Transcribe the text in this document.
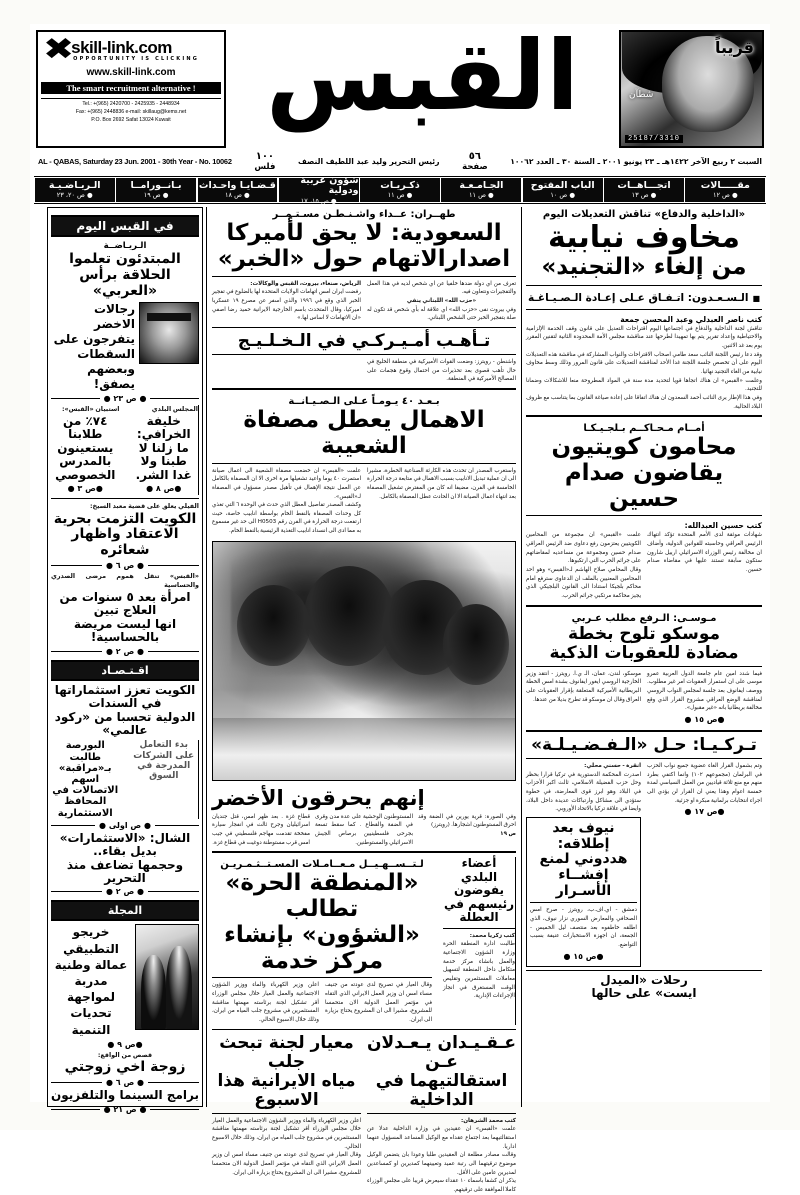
قريباً
شطآن
25187/3310
القبس
✖
skill-link.com
OPPORTUNITY IS CLICKING
www.skill-link.com
The smart recruitment alternative !
Tel.: +(965) 2420700 - 2425935 - 2448934
Fax: +(965) 2448836 e-mail: skillaug@kems.net
P.O. Box 2692 Safat 13024 Kuwait
السبت ٢ ربيع الآخر ١٤٢٢هـ ـ ٢٣ يونيو ٢٠٠١ ـ السنة ٣٠ ـ العدد ١٠٠٦٢
٥٦
صفحة
رئيس التحرير وليد عبد اللطيف النصف
١٠٠
فلس
AL - QABAS, Saturday 23 Jun. 2001 - 30th Year - No. 10062
مقـــــالات
● ص ١٢
اتجـــاهــات
● ص ١٣
الباب المفتوح
● ص ١٠
الجـامـعـة
● ص ١١
ذكـريـات
● ص ١١
شؤون عربية ودولية
● ص ١٥، ١٧
قـضـايـا واحـداث
● ص ١٨
بـانــورامــا
● ص ١٩
الـريـاضـيـة
● ص ٢٠، ٢٣
«الداخلية والدفاع» تناقش التعديلات اليوم
مخاوف نيابية
من إلغاء «التجنيد»
■ الـسـعـدون: اتـفـاق عـلى إعـادة الـصـيـاغـة
كتب ناصر العبدلي وعبد المحسن جمعة
تناقش لجنة الداخلية والدفاع في اجتماعها اليوم اقتراحات التعديل على قانون وقف الخدمة الإلزامية والاحتياطية وإعداد تقرير يتم بها تمهيدا لطرحها عند مناقشة مجلس الأمة المحدودة الثانية لتقنين المقرر يوم بعد غد الاثنين.
وقد دعا رئيس اللجنة النائب سعد طامي اصحاب الاقتراحات والنواب المشاركة في مناقشة هذه التعديلات اليوم على أن تخصص جلسة اللجنة غدا الأحد لمناقشة التعديلات على قانون المرور وذلك وسط مخاوف نيابية من الغاء التجنيد نهائيا.
وعلمت «القبس» ان هناك اتجاها قويا لتحديد مدة سنة في المواد المطروحة منعا للاشكالات وضمانا للتجنيد.
وفي هذا الإطار يرى النائب أحمد السعدون ان هناك اتفاقا على إعادة صياغة القانون بما يتناسب مع ظروف البلاد الحالية.
أمــام مـحـاكــم بـلجـيـكـا
محامون كويتيون
يقاضون صدام حسين
كتب حسين العبدالله:
شهادات موثقة لدى الأمم المتحدة تؤكد انتهاك الرئيس العراقي وحاسبته للقوانين الدولية، وأضاف ان مخالفة رئيس الوزراء الاسرائيلي ارييل شارون ستكون سابقة تستند عليها في مقاضاة صدام حسين.
علمت «القبس» ان مجموعة من المحامين الكويتيين يعتزمون رفع دعاوى ضد الرئيس العراقي صدام حسين ومجموعة من مساعديه لمقاضاتهم على جرائم الحرب التي ارتكبوها.
وقال المحامي صلاح الهاشم لـ«القبس» وهو احد المحامين المعنيين بالملف ان الدعاوى سترفع امام محاكم بلجيكا استنادا الى القانون البلجيكي الذي يجيز محاكمة مرتكبي جرائم الحرب.
مـوسـى: الـرفع مطلب عـربي
موسكو تلوح بخطة
مضادة للعقوبات الذكية
فيما شدد امين عام جامعة الدول العربية عمرو موسى على ان استمرار العقوبات امر غير مطلوب. ووصف ايفانوف بعد جلسة لمجلس النواب الروسي لمناقشة الوضع العراقي مشروع القرار الذي وقع مخالفة بريطانيا بانه «غير مقبول».
● ص ١٥ ●
موسكو، لندن، عمان، الـ ي.ا. رويترز - انتقد وزير الخارجية الروسي ايغور ايفانوف بشدة امس الخطة البريطانية الأميركية المتعلقة بإقرار العقوبات على العراق وقال ان موسكو قد تطرح بديلا من عندها.
تـركـيـا: حـل «الـفـضـيـلـة»
وتم بشمول القرار الغاء عضوية جميع نواب الحزب في البرلمان (مجموعهم ١٠٢) وانما اكتفي بطرد منهم مع منع ثلاثة قياديين من العمل السياسي لمدة خمسة اعوام وهذا يعني ان القرار لن يؤدي الى اجراء انتخابات برلمانية مبكرة او جزئية.
● ص ١٧ ●
انقرة - حسني محلي:
اصدرت المحكمة الدستورية في تركيا قرارا بحظر وحل حزب الفضيلة الاسلامي، ثالث اكبر الأحزاب في البلاد وهو ابرز قوى المعارضة، في خطوة ستؤدي الى مشاكل وارتباكات عديدة داخل البلاد، وايضا في علاقة تركيا بالاتحاد الأوروبي.
نيوف بعد إطلاقه:
هددوني لمنع
إفشــاء الأسـرار
دمشق - اي.اف.ب، رويترز - صرح امس الصحافي والمعارض السوري نزار نيوف، الذي اطلقه خاطفوه بعد منتصف ليل الخميس - الجمعة، ان اجهزة الاستخبارات عنيفة بسبب التواضع.
● ص ١٥ ●
رحلات «الميدل
ايست» على حالها
طهــران: عــداء واشـنـطـن مسـتـمــر
السعودية: لا يحق لأميركا
اصدارالاتهام حول «الخبر»
تعرف من اي دولة ضدها خلفيا عن اي شخص لديه في هذا العمل والتفجيرات ونتعاون فيه.
«حزب الله» اللبناني ينفي
وفي بيروت نفى «حزب الله» اي علاقة له بأي شخص قد تكون له صلة بتفجير الخبر حتى الشخص اللبناني.
الرياض، صنعاء، بيروت، القبس والوكالات:
رفضت ايران امس اتهامات الولايات المتحدة لها بالضلوع في تفجير الخبر الذي وقع في ١٩٩٦ والذي اسفر عن مصرع ١٩ عسكريا اميركيا، وقال المتحدث باسم الخارجية الايرانية حميد رضا اصفي «ان الاتهامات لا اساس لها.»
تـأهـب أمـيـركـي في الـخـلـيـج
واشنطن - رويترز: وضعت القوات الأميركية في منطقة الخليج في حال تأهب قصوى بعد تحذيرات من احتمال وقوع هجمات على المصالح الأميركية في المنطقة.
بـعـد ٤٠ يـومـاً عـلى الـصـيـانــة
الاهمال يعطل مصفاة الشعيبة
واستغرب المصدر ان تحدث هذه الكارثة الصناعية الخطرة، مشيرا الى ان عملية تبديل الانابيب بسبب الاهمال في متابعة درجة الحرارة الخامسة في الفرن، مضيفا انه كان من المفترض تشغيل المصفاة بعد انتهاء اعمال الصيانة الا ان الحادث عطل المصفاة بالكامل.
علمت «القبس» ان خضعت مصفاة الشعيبة الى اعمال صيانة استمرت ٤٠ يوما واعيد تشغيلها مرة اخرى الا ان المصفاة بالكامل عن العمل نتيجة الإهمال في تأهيل مصدر مسؤول في المصفاة لـ«القبس».
وكشف المصدر تفاصيل العطل الذي حدث في الوحدة ٦ التي تغذي كل وحدات المصفاة بالنفط الخام بواسطة انابيب خاصة، حيث ارتفعت درجة الحرارة في الفرن رقم H0503 الى حد غير مسموع به مما ادى الى انسداد انابيب التغذية الرئيسية بالنفط الخام.
إنهم يحرقون الأخضر
وفي الصورة: قرية يورين في الضفة وقد احرق المستوطنون اشجارها. (رويترز)
ص ١٩
المستوطنون الوحشية على عدة مدن وقرى في الضفة والقطاع . كما سقط تسعة بجرحى فلسطينيين برصاص الجيش الاسرائيلي والمستوطنين.
قطاع غزة . بعد ظهر امس، قتل جنديان اسرائيليان وجرح ثالث في انفجار سيارة مفخخة تقدمت مهاجم فلسطيني في جيب امس قرب مستوطنة دوغيت في قطاع غزة.
أعضاء البلدي يفوضون رئيسهم في العطلة
كتب زكريا محمد:
طالبت ادارة المنطقة الحرة وزارة الشؤون الاجتماعية والعمل بانشاء مركز خدمة متكامل داخل المنطقة لتسهيل معاملات المستثمرين وتقليص الوقت المستغرق في انجاز الإجراءات الإدارية.
لـتــســهـيــل مـعــامـلات المسـتــثـمـريـن
«المنطقة الحرة» تطالب
«الشؤون» بإنشاء مركز خدمة
وقال العيار في تصريح لدى عودته من جنيف مساء امس ان وزير العمل الايراني الذي التقاه في مؤتمر العمل الدولية الان متحمسا للمشروع، مشيرا الى ان المشروع يحتاج بزيارة الى ايران.
اعلن وزير الكهرباء والماء ووزير الشؤون الاجتماعية والعمل العيار خلال مجلس الوزراء أقر تشكيل لجنة برئاسته مهمتها مناقشة المستثمرين في مشروع جلب المياه من ايران، وذلك خلال الاسبوع الحالي.
عـقـيـدان يـعـدلان عـن
استقالتيهما في الداخلية
كتب محمد الشرهان:
علمت «القبس» ان عقيدين في وزارة الداخلية عدلا عن استقالتيهما بعد اجتماع عقداه مع الوكيل المساعد المسؤول عنهما اداريا.
وقالت مصادر مطلعة ان العقيدين طلبا وعودا بان يتضمن الوكيل موضوع ترقيتهما الى رتبة عميد وتعيينهما كمديرين او كمساعدين لمديرين عامين على الأقل.
يذكر ان كشفا باسماء ١٠ عقداء سيعرض قريبا على مجلس الوزراء كاملا الموافقة على ترقيتهم.
معيار لجنة تبحث جلب
مياه الايرانية هذا الاسبوع
اعلن وزير الكهرباء والماء ووزير الشؤون الاجتماعية والعمل العيار خلال مجلس الوزراء أقر تشكيل لجنة برئاسته مهمتها مناقشة المستثمرين في مشروع جلب المياه من ايران، وذلك خلال الاسبوع الحالي.
وقال العيار في تصريح لدى عودته من جنيف مساء امس ان وزير العمل الايراني الذي التقاه في مؤتمر العمل الدولية الان متحمسا للمشروع، مشيرا الى ان المشروع يحتاج بزيارة الى ايران.
في القبس اليوم
الـريـاضــة
المبتدئون تعلموا
الحلاقة برأس «العربي»
رجالات الاخضر يتفرجون على السقطات وبعضهم يصفق!
● ص ٢٣ ●
المجلس البلدي
خليفة الخرافي: ما زلنا لا طبنا ولا غدا الشر.
● ص ٨ ●
استبيان «القبس»:
٧٤٪ من طلابنا يستعينون بالمدرس الخصوصي
● ص ٣ ●
الفيلي يعلق على قضية معبد السيخ:
الكويت التزمت بحرية
الاعتقاد واظهار شعائره
● ص ٦ ●
«القبس» تنقل هموم مرضى الصدري والحساسية
امرأة بعد ٥ سنوات من العلاج تبين
انها ليست مريضة بالحساسية!
● ص ٢ ●
اقـتـصـاد
الكويت تعزز استثماراتها في السندات
الدولية تحسبا من «ركود عالمي»
بدء التعامل على الشركات المدرجة في السوق
البورصة طالبت بـ«مراقبة» اسهم الاتصالات في المحافظ الاستثمارية
● ص اولى ●
الشال: «الاستثمارات» بديل بقاء..
وحجمها تضاعف منذ التحرير
● ص ٢ ●
المجلة
خريجو التطبيقي عمالة وطنية مدربة لمواجهة تحديات التنمية
● ص ٩ ●
قصص من الواقع:
زوجة اخي زوجتي
● ص ٦ ●
برامج السينما والتلفزيون
● ص ٢١ ●
